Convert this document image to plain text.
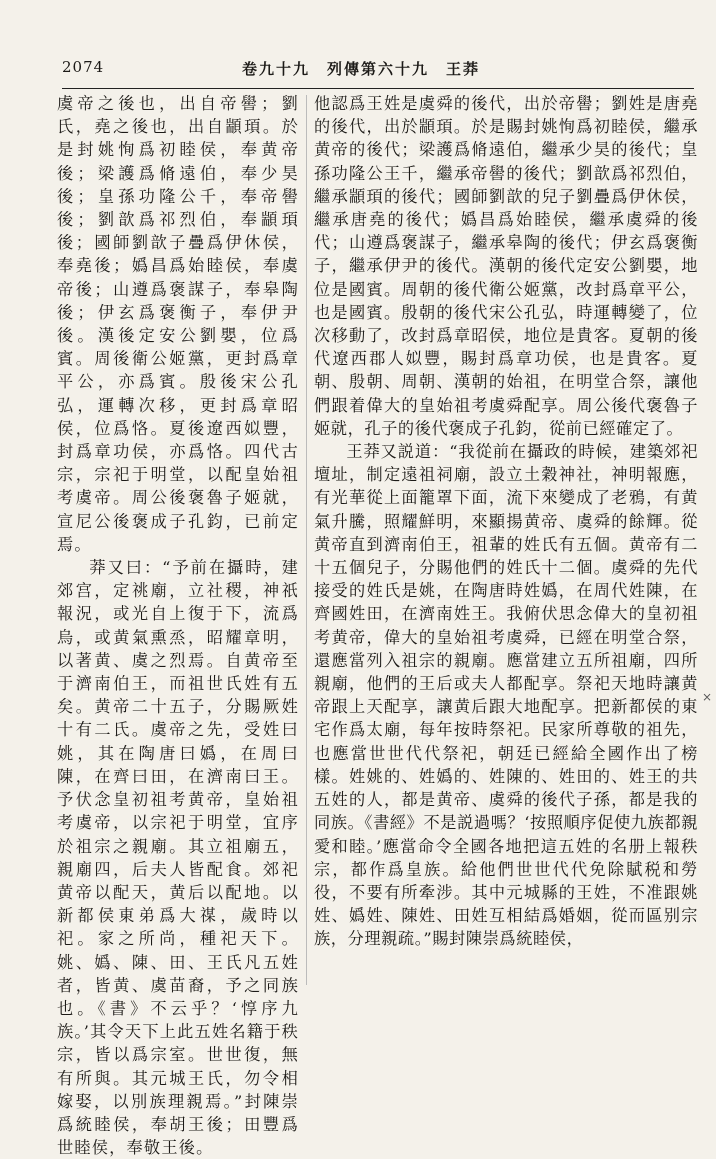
2074	卷九十九　列傳第六十九　王莽

虞帝之後也，出自帝嚳；劉氏，堯之後也，出自顓頊。於是封姚恂爲初睦侯，奉黄帝後；梁護爲脩遠伯，奉少昊後；皇孫功隆公千，奉帝嚳後；劉歆爲祁烈伯，奉顓頊後；國師劉歆子疊爲伊休侯，奉堯後；嬀昌爲始睦侯，奉虞帝後；山遵爲褒謀子，奉皋陶後；伊玄爲褒衡子，奉伊尹後。漢後定安公劉嬰，位爲賓。周後衛公姬黨，更封爲章平公，亦爲賓。殷後宋公孔弘，運轉次移，更封爲章昭侯，位爲恪。夏後遼西姒豐，封爲章功侯，亦爲恪。四代古宗，宗祀于明堂，以配皇始祖考虞帝。周公後褒魯子姬就，宣尼公後褒成子孔鈞，已前定焉。

莽又曰：“予前在攝時，建郊宫，定祧廟，立社稷，神祇報況，或光自上復于下，流爲烏，或黄氣熏烝，昭耀章明，以著黄、虞之烈焉。自黄帝至于濟南伯王，而祖世氏姓有五矣。黄帝二十五子，分賜厥姓十有二氏。虞帝之先，受姓曰姚，其在陶唐曰嬀，在周曰陳，在齊曰田，在濟南曰王。予伏念皇初祖考黄帝，皇始祖考虞帝，以宗祀于明堂，宜序於祖宗之親廟。其立祖廟五，親廟四，后夫人皆配食。郊祀黄帝以配天，黄后以配地。以新都侯東弟爲大禖，歲時以祀。家之所尚，種祀天下。姚、嬀、陳、田、王氏凡五姓者，皆黄、虞苗裔，予之同族也。《書》不云乎？‘惇序九族。’其令天下上此五姓名籍于秩宗，皆以爲宗室。世世復，無有所與。其元城王氏，勿令相嫁娶，以別族理親焉。”封陳崇爲統睦侯，奉胡王後；田豐爲世睦侯，奉敬王後。

他認爲王姓是虞舜的後代，出於帝嚳；劉姓是唐堯的後代，出於顓頊。於是賜封姚恂爲初睦侯，繼承黄帝的後代；梁護爲脩遠伯，繼承少昊的後代；皇孫功隆公王千，繼承帝嚳的後代；劉歆爲祁烈伯，繼承顓頊的後代；國師劉歆的兒子劉疊爲伊休侯，繼承唐堯的後代；嬀昌爲始睦侯，繼承虞舜的後代；山遵爲褒謀子，繼承皋陶的後代；伊玄爲褒衡子，繼承伊尹的後代。漢朝的後代定安公劉嬰，地位是國賓。周朝的後代衛公姬黨，改封爲章平公，也是國賓。殷朝的後代宋公孔弘，時運轉變了，位次移動了，改封爲章昭侯，地位是貴客。夏朝的後代遼西郡人姒豐，賜封爲章功侯，也是貴客。夏朝、殷朝、周朝、漢朝的始祖，在明堂合祭，讓他們跟着偉大的皇始祖考虞舜配享。周公後代褒魯子姬就，孔子的後代褒成子孔鈞，從前已經確定了。

王莽又説道：“我從前在攝政的時候，建築郊祀壇址，制定遠祖祠廟，設立土穀神社，神明報應，有光華從上面籠罩下面，流下來變成了老鴉，有黄氣升騰，照耀鮮明，來顯揚黄帝、虞舜的餘輝。從黄帝直到濟南伯王，祖輩的姓氏有五個。黄帝有二十五個兒子，分賜他們的姓氏十二個。虞舜的先代接受的姓氏是姚，在陶唐時姓嬀，在周代姓陳，在齊國姓田，在濟南姓王。我俯伏思念偉大的皇初祖考黄帝，偉大的皇始祖考虞舜，已經在明堂合祭，還應當列入祖宗的親廟。應當建立五所祖廟，四所親廟，他們的王后或夫人都配享。祭祀天地時讓黄帝跟上天配享，讓黄后跟大地配享。把新都侯的東宅作爲太廟，每年按時祭祀。民家所尊敬的祖先，也應當世世代代祭祀，朝廷已經給全國作出了榜樣。姓姚的、姓嬀的、姓陳的、姓田的、姓王的共五姓的人，都是黄帝、虞舜的後代子孫，都是我的同族。《書經》不是説過嗎？‘按照順序促使九族都親愛和睦。’應當命令全國各地把這五姓的名册上報秩宗，都作爲皇族。給他們世世代代免除賦税和勞役，不要有所牽涉。其中元城縣的王姓，不准跟姚姓、嬀姓、陳姓、田姓互相結爲婚姻，從而區别宗族，分理親疏。”賜封陳崇爲統睦侯，

×
